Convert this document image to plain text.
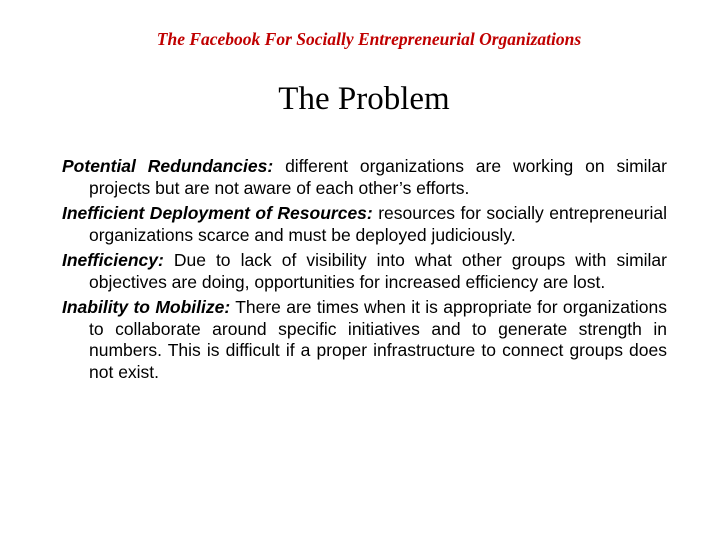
The Facebook For Socially Entrepreneurial Organizations
The Problem

Potential Redundancies: different organizations are working on similar projects but are not aware of each other’s efforts.

Inefficient Deployment of Resources: resources for socially entrepreneurial organizations scarce and must be deployed judiciously.

Inefficiency: Due to lack of visibility into what other groups with similar objectives are doing, opportunities for increased efficiency are lost.

Inability to Mobilize: There are times when it is appropriate for organizations to collaborate around specific initiatives and to generate strength in numbers. This is difficult if a proper infrastructure to connect groups does not exist.
